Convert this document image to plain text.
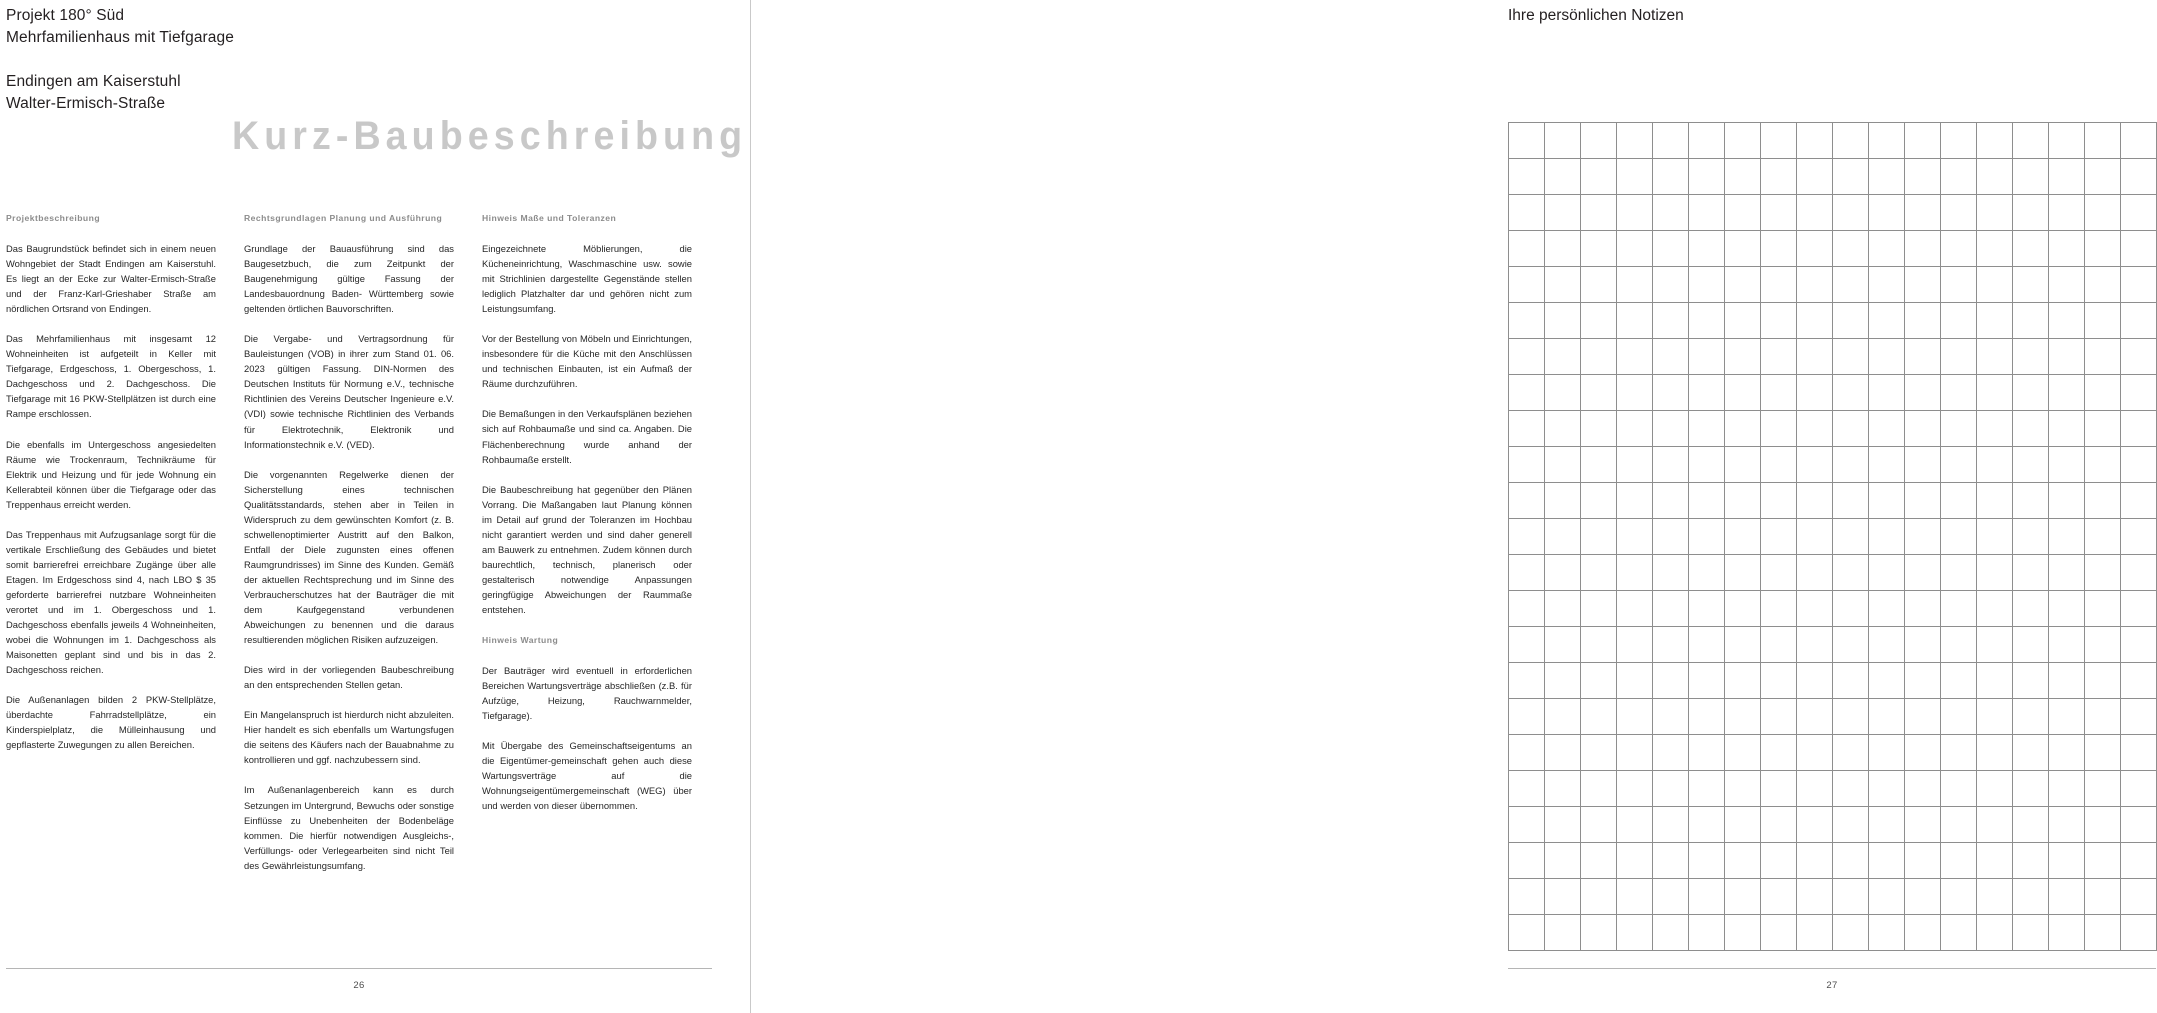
Projekt 180° Süd
Mehrfamilienhaus mit Tiefgarage
Endingen am Kaiserstuhl
Walter-Ermisch-Straße
Kurz-Baubeschreibung
Projektbeschreibung

Das Baugrundstück befindet sich in einem neuen Wohngebiet der Stadt Endingen am Kaiserstuhl. Es liegt an der Ecke zur Walter-Ermisch-Straße und der Franz-Karl-Grieshaber Straße am nördlichen Ortsrand von Endingen.

Das Mehrfamilienhaus mit insgesamt 12 Wohneinheiten ist aufgeteilt in Keller mit Tiefgarage, Erdgeschoss, 1. Obergeschoss, 1. Dachgeschoss und 2. Dachgeschoss. Die Tiefgarage mit 16 PKW-Stellplätzen ist durch eine Rampe erschlossen.

Die ebenfalls im Untergeschoss angesiedelten Räume wie Trockenraum, Technikräume für Elektrik und Heizung und für jede Wohnung ein Kellerabteil können über die Tiefgarage oder das Treppenhaus erreicht werden.

Das Treppenhaus mit Aufzugsanlage sorgt für die vertikale Erschließung des Gebäudes und bietet somit barrierefrei erreichbare Zugänge über alle Etagen. Im Erdgeschoss sind 4, nach LBO $ 35 geforderte barrierefrei nutzbare Wohneinheiten verortet und im 1. Obergeschoss und 1. Dachgeschoss ebenfalls jeweils 4 Wohneinheiten, wobei die Wohnungen im 1. Dachgeschoss als Maisonetten geplant sind und bis in das 2. Dachgeschoss reichen.

Die Außenanlagen bilden 2 PKW-Stellplätze, überdachte Fahrradstellplätze, ein Kinderspielplatz, die Mülleinhausung und gepflasterte Zuwegungen zu allen Bereichen.

Rechtsgrundlagen Planung und Ausführung

Grundlage der Bauausführung sind das Baugesetzbuch, die zum Zeitpunkt der Baugenehmigung gültige Fassung der Landesbauordnung Baden- Württemberg sowie geltenden örtlichen Bauvorschriften.

Die Vergabe- und Vertragsordnung für Bauleistungen (VOB) in ihrer zum Stand 01. 06. 2023 gültigen Fassung. DIN-Normen des Deutschen Instituts für Normung e.V., technische Richtlinien des Vereins Deutscher Ingenieure e.V. (VDI) sowie technische Richtlinien des Verbands für Elektrotechnik, Elektronik und Informationstechnik e.V. (VED).

Die vorgenannten Regelwerke dienen der Sicherstellung eines technischen Qualitätsstandards, stehen aber in Teilen in Widerspruch zu dem gewünschten Komfort (z. B. schwellenoptimierter Austritt auf den Balkon, Entfall der Diele zugunsten eines offenen Raumgrundrisses) im Sinne des Kunden. Gemäß der aktuellen Rechtsprechung und im Sinne des Verbraucherschutzes hat der Bauträger die mit dem Kaufgegenstand verbundenen Abweichungen zu benennen und die daraus resultierenden möglichen Risiken aufzuzeigen.

Dies wird in der vorliegenden Baubeschreibung an den entsprechenden Stellen getan.

Ein Mangelanspruch ist hierdurch nicht abzuleiten. Hier handelt es sich ebenfalls um Wartungsfugen die seitens des Käufers nach der Bauabnahme zu kontrollieren und ggf. nachzubessern sind.

Im Außenanlagenbereich kann es durch Setzungen im Untergrund, Bewuchs oder sonstige Einflüsse zu Unebenheiten der Bodenbeläge kommen. Die hierfür notwendigen Ausgleichs-, Verfüllungs- oder Verlegearbeiten sind nicht Teil des Gewährleistungsumfang.

Hinweis Maße und Toleranzen

Eingezeichnete Möblierungen, die Kücheneinrichtung, Waschmaschine usw. sowie mit Strichlinien dargestellte Gegenstände stellen lediglich Platzhalter dar und gehören nicht zum Leistungsumfang.

Vor der Bestellung von Möbeln und Einrichtungen, insbesondere für die Küche mit den Anschlüssen und technischen Einbauten, ist ein Aufmaß der Räume durchzuführen.

Die Bemaßungen in den Verkaufsplänen beziehen sich auf Rohbaumaße und sind ca. Angaben. Die Flächenberechnung wurde anhand der Rohbaumaße erstellt.

Die Baubeschreibung hat gegenüber den Plänen Vorrang. Die Maßangaben laut Planung können im Detail auf grund der Toleranzen im Hochbau nicht garantiert werden und sind daher generell am Bauwerk zu entnehmen. Zudem können durch baurechtlich, technisch, planerisch oder gestalterisch notwendige Anpassungen geringfügige Abweichungen der Raummaße entstehen.

Hinweis Wartung

Der Bauträger wird eventuell in erforderlichen Bereichen Wartungsverträge abschließen (z.B. für Aufzüge, Heizung, Rauchwarnmelder, Tiefgarage).

Mit Übergabe des Gemeinschaftseigentums an die Eigentümer-gemeinschaft gehen auch diese Wartungsverträge auf die Wohnungseigentümergemeinschaft (WEG) über und werden von dieser übernommen.

26
Ihre persönlichen Notizen
27
